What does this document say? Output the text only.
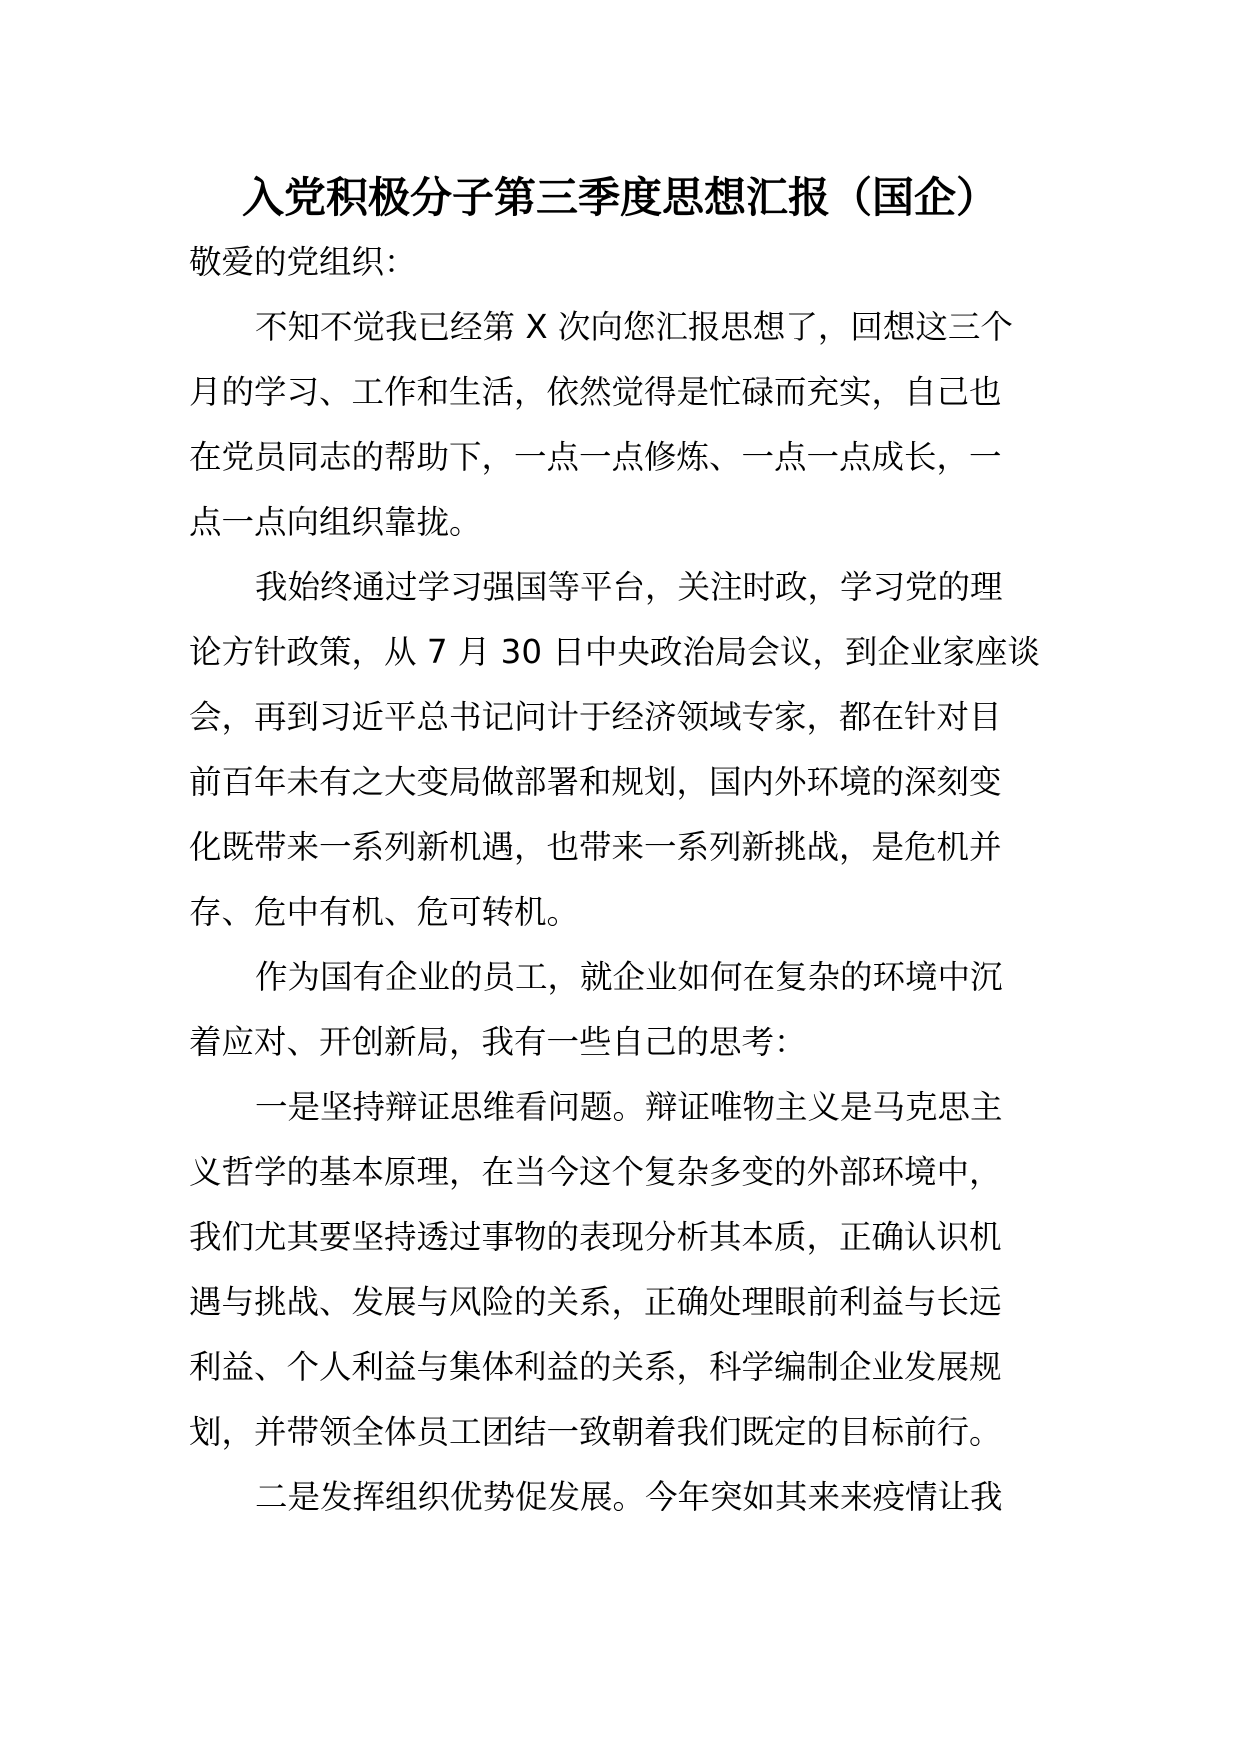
入党积极分子第三季度思想汇报（国企）
敬爱的党组织：
不知不觉我已经第 X 次向您汇报思想了，回想这三个
月的学习、工作和生活，依然觉得是忙碌而充实，自己也
在党员同志的帮助下，一点一点修炼、一点一点成长，一
点一点向组织靠拢。
我始终通过学习强国等平台，关注时政，学习党的理
论方针政策，从 7 月 30 日中央政治局会议，到企业家座谈
会，再到习近平总书记问计于经济领域专家，都在针对目
前百年未有之大变局做部署和规划，国内外环境的深刻变
化既带来一系列新机遇，也带来一系列新挑战，是危机并
存、危中有机、危可转机。
作为国有企业的员工，就企业如何在复杂的环境中沉
着应对、开创新局，我有一些自己的思考：
一是坚持辩证思维看问题。辩证唯物主义是马克思主
义哲学的基本原理，在当今这个复杂多变的外部环境中，
我们尤其要坚持透过事物的表现分析其本质，正确认识机
遇与挑战、发展与风险的关系，正确处理眼前利益与长远
利益、个人利益与集体利益的关系，科学编制企业发展规
划，并带领全体员工团结一致朝着我们既定的目标前行。
二是发挥组织优势促发展。今年突如其来来疫情让我
